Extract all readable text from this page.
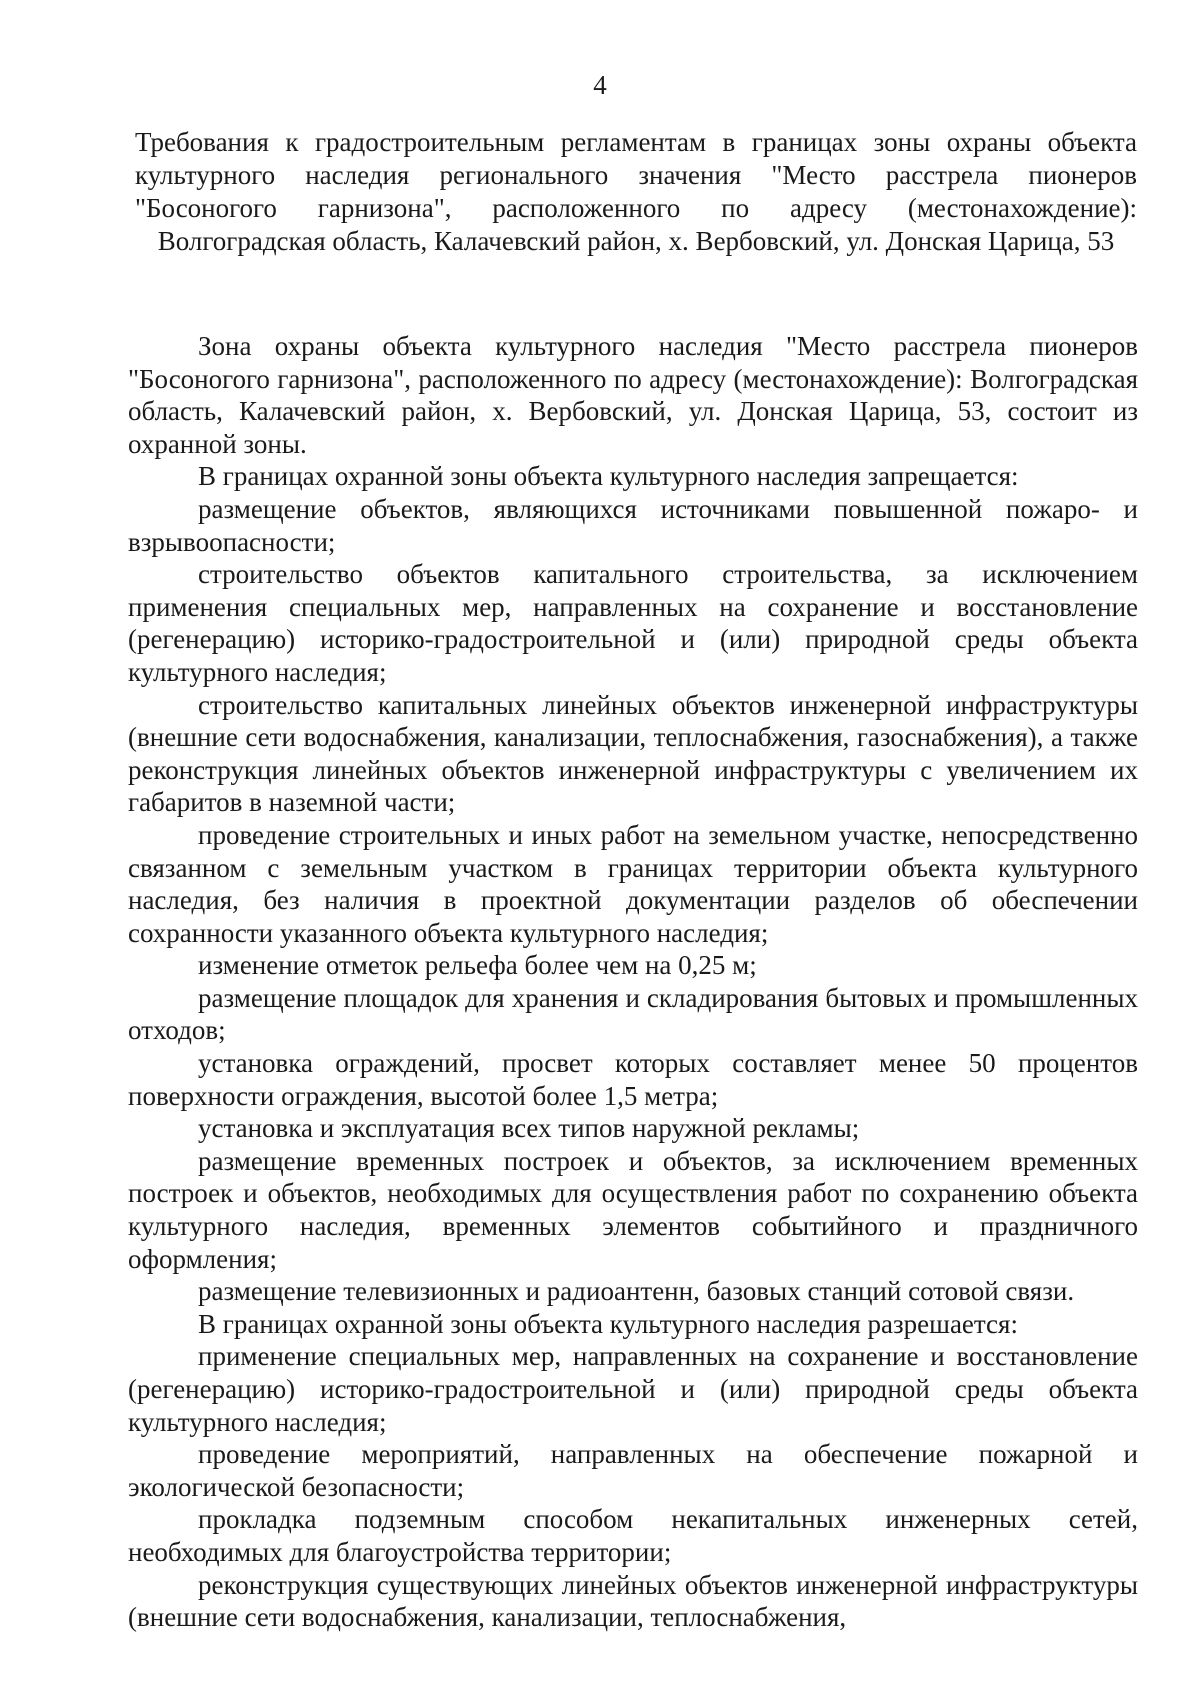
4
Требования к градостроительным регламентам в границах зоны охраны объекта культурного наследия регионального значения "Место расстрела пионеров "Босоногого гарнизона", расположенного по адресу (местонахождение): Волгоградская область, Калачевский район, х. Вербовский, ул. Донская Царица, 53

Зона охраны объекта культурного наследия "Место расстрела пионеров "Босоногого гарнизона", расположенного по адресу (местонахождение): Волгоградская область, Калачевский район, х. Вербовский, ул. Донская Царица, 53, состоит из охранной зоны.

В границах охранной зоны объекта культурного наследия запрещается:

размещение объектов, являющихся источниками повышенной пожаро- и взрывоопасности;

строительство объектов капитального строительства, за исключением применения специальных мер, направленных на сохранение и восстановление (регенерацию) историко-градостроительной и (или) природной среды объекта культурного наследия;

строительство капитальных линейных объектов инженерной инфраструктуры (внешние сети водоснабжения, канализации, теплоснабжения, газоснабжения), а также реконструкция линейных объектов инженерной инфраструктуры с увеличением их габаритов в наземной части;

проведение строительных и иных работ на земельном участке, непосредственно связанном с земельным участком в границах территории объекта культурного наследия, без наличия в проектной документации разделов об обеспечении сохранности указанного объекта культурного наследия;

изменение отметок рельефа более чем на 0,25 м;

размещение площадок для хранения и складирования бытовых и промышленных отходов;

установка ограждений, просвет которых составляет менее 50 процентов поверхности ограждения, высотой более 1,5 метра;

установка и эксплуатация всех типов наружной рекламы;

размещение временных построек и объектов, за исключением временных построек и объектов, необходимых для осуществления работ по сохранению объекта культурного наследия, временных элементов событийного и праздничного оформления;

размещение телевизионных и радиоантенн, базовых станций сотовой связи.

В границах охранной зоны объекта культурного наследия разрешается:

применение специальных мер, направленных на сохранение и восстановление (регенерацию) историко-градостроительной и (или) природной среды объекта культурного наследия;

проведение мероприятий, направленных на обеспечение пожарной и экологической безопасности;

прокладка подземным способом некапитальных инженерных сетей, необходимых для благоустройства территории;

реконструкция существующих линейных объектов инженерной инфраструктуры (внешние сети водоснабжения, канализации, теплоснабжения,
